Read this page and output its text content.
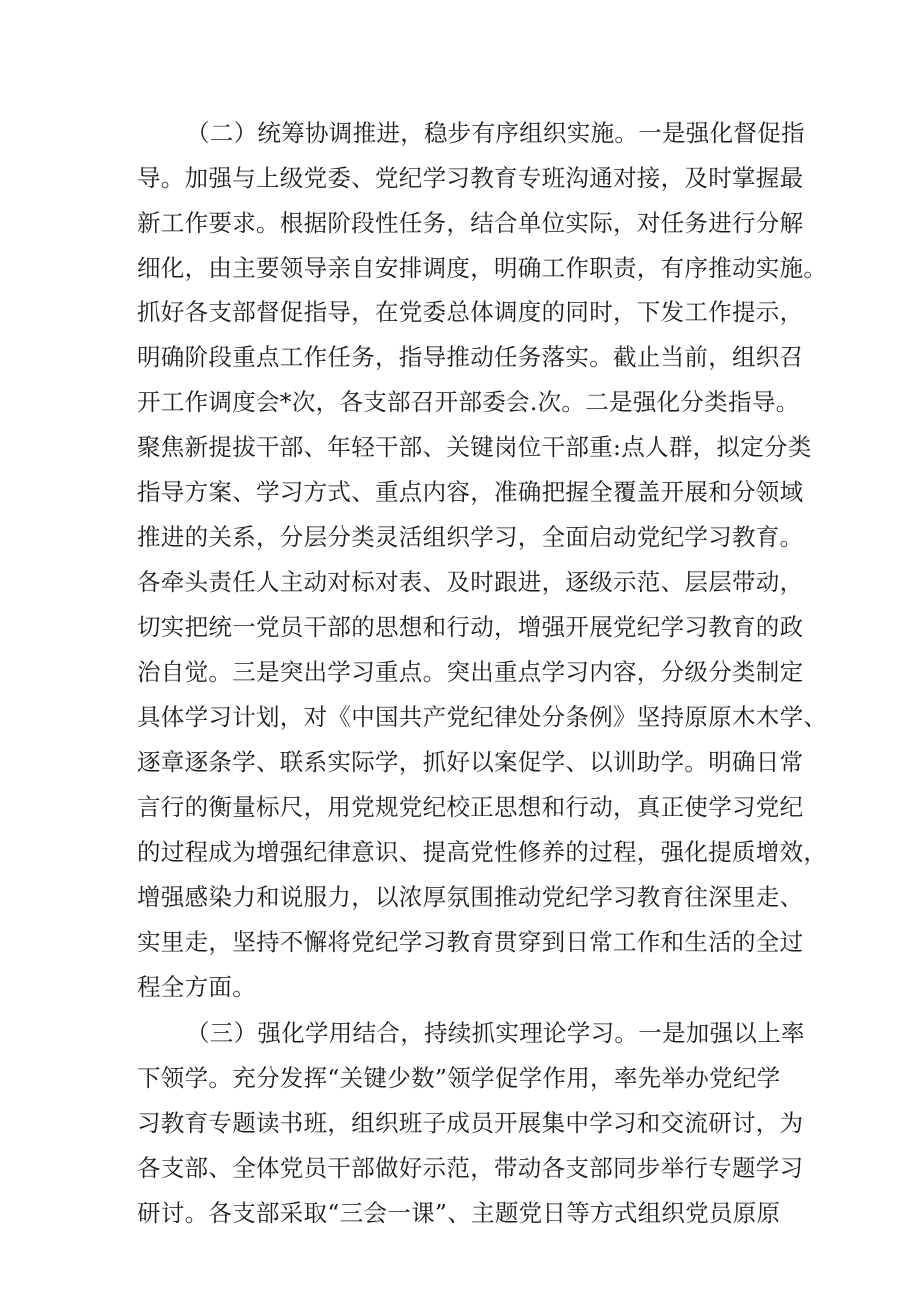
（二）统筹协调推进，稳步有序组织实施。一是强化督促指
导。加强与上级党委、党纪学习教育专班沟通对接，及时掌握最
新工作要求。根据阶段性任务，结合单位实际，对任务进行分解
细化，由主要领导亲自安排调度，明确工作职责，有序推动实施。
抓好各支部督促指导，在党委总体调度的同时，下发工作提示，
明确阶段重点工作任务，指导推动任务落实。截止当前，组织召
开工作调度会*次，各支部召开部委会.次。二是强化分类指导。
聚焦新提拔干部、年轻干部、关键岗位干部重:点人群，拟定分类
指导方案、学习方式、重点内容，准确把握全覆盖开展和分领域
推进的关系，分层分类灵活组织学习，全面启动党纪学习教育。
各牵头责任人主动对标对表、及时跟进，逐级示范、层层带动，
切实把统一党员干部的思想和行动，增强开展党纪学习教育的政
治自觉。三是突出学习重点。突出重点学习内容，分级分类制定
具体学习计划，对《中国共产党纪律处分条例》坚持原原木木学、
逐章逐条学、联系实际学，抓好以案促学、以训助学。明确日常
言行的衡量标尺，用党规党纪校正思想和行动，真正使学习党纪
的过程成为增强纪律意识、提高党性修养的过程，强化提质增效，
增强感染力和说服力，以浓厚氛围推动党纪学习教育往深里走、
实里走，坚持不懈将党纪学习教育贯穿到日常工作和生活的全过
程全方面。
（三）强化学用结合，持续抓实理论学习。一是加强以上率
下领学。充分发挥“关键少数”领学促学作用，率先举办党纪学
习教育专题读书班，组织班子成员开展集中学习和交流研讨，为
各支部、全体党员干部做好示范，带动各支部同步举行专题学习
研讨。各支部采取“三会一课”、主题党日等方式组织党员原原
